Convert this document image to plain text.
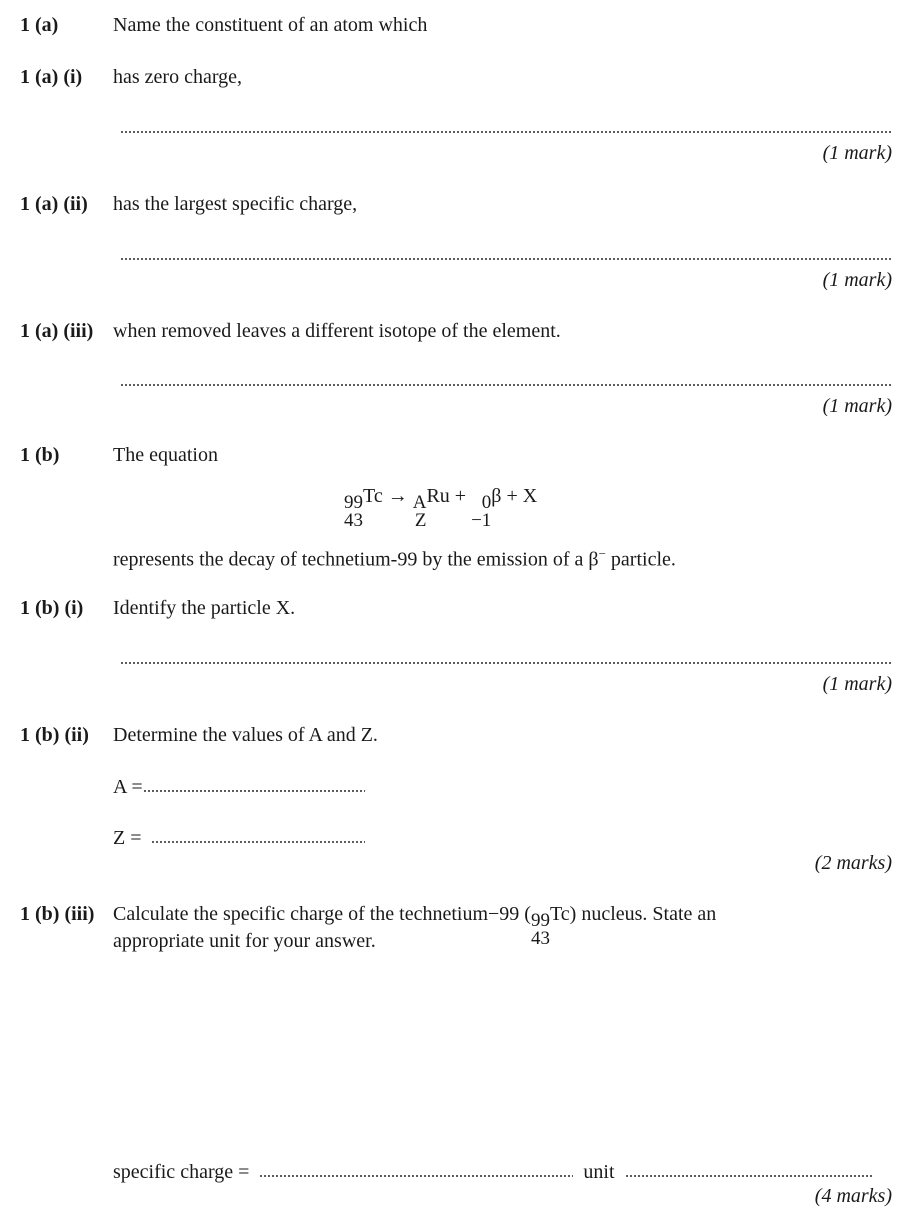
1 (a)	Name the constituent of an atom which
1 (a) (i) has zero charge,
(1 mark)
1 (a) (ii) has the largest specific charge,
(1 mark)
1 (a) (iii) when removed leaves a different isotope of the element.
(1 mark)
1 (b)	The equation
99
43
Tc → A
Z
Ru + 0
−1
β + X
represents the decay of technetium-99 by the emission of a β− particle.
1 (b) (i) Identify the particle X.
(1 mark)
1 (b) (ii) Determine the values of A and Z.
A =
Z =
(2 marks)
1 (b) (iii) Calculate the specific charge of the technetium−99 ( 99
43
Tc) nucleus. State an
appropriate unit for your answer.
specific charge =	unit
(4 marks)
